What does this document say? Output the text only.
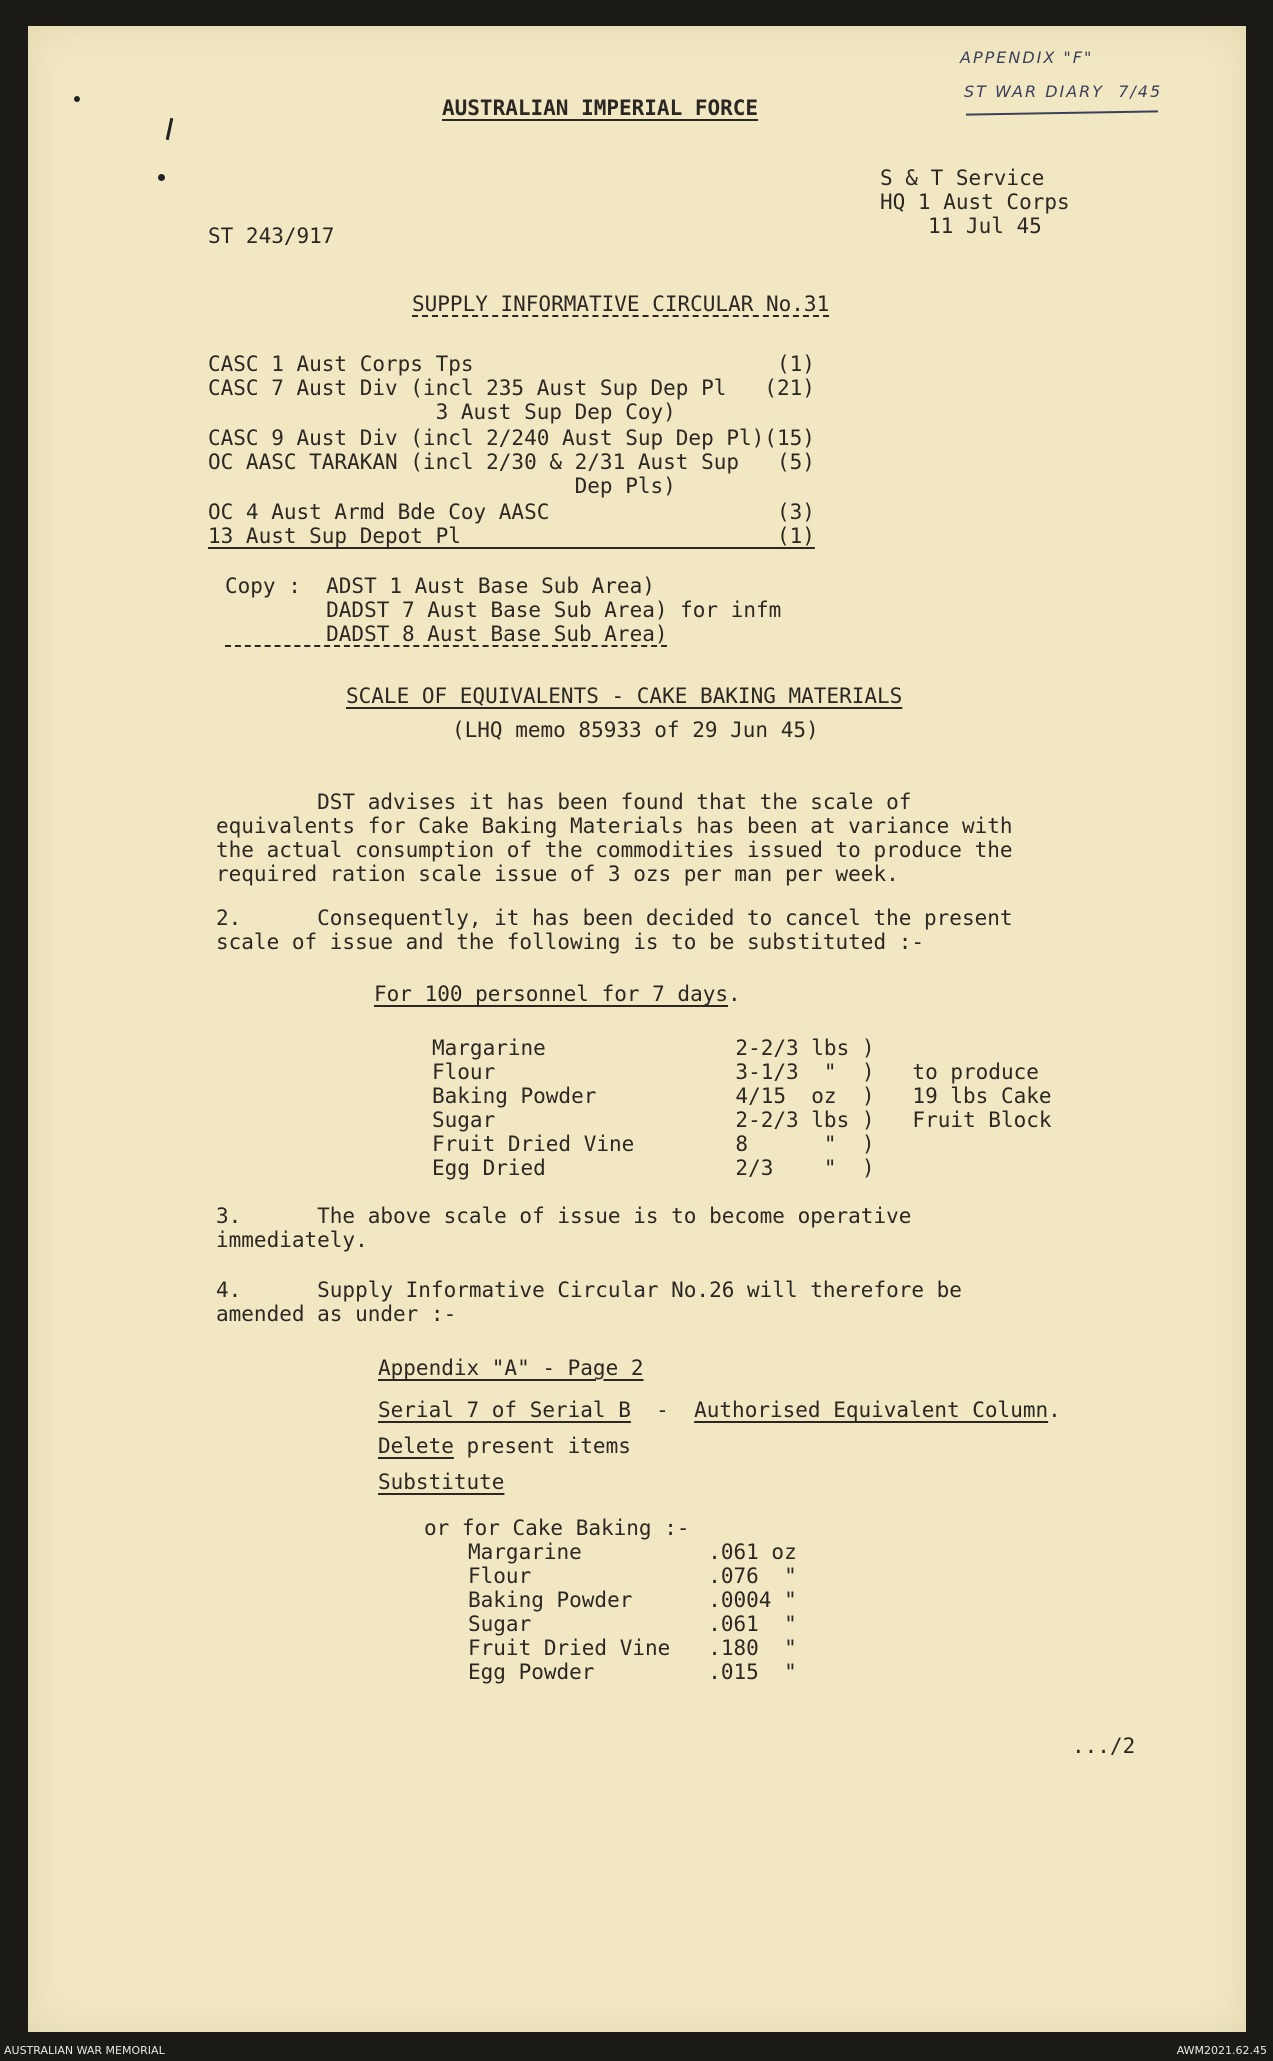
APPENDIX "F"

ST WAR DIARY  7/45

AUSTRALIAN IMPERIAL FORCE

S & T Service

HQ 1 Aust Corps

11 Jul 45

ST 243/917

SUPPLY INFORMATIVE CIRCULAR No.31

CASC 1 Aust Corps Tps                        (1)

CASC 7 Aust Div (incl 235 Aust Sup Dep Pl   (21)

3 Aust Sup Dep Coy)

CASC 9 Aust Div (incl 2/240 Aust Sup Dep Pl)(15)

OC AASC TARAKAN (incl 2/30 & 2/31 Aust Sup   (5)

Dep Pls)

OC 4 Aust Armd Bde Coy AASC                  (3)

13 Aust Sup Depot Pl                         (1)

Copy :  ADST 1 Aust Base Sub Area)

DADST 7 Aust Base Sub Area) for infm

DADST 8 Aust Base Sub Area)

SCALE OF EQUIVALENTS - CAKE BAKING MATERIALS

(LHQ memo 85933 of 29 Jun 45)

DST advises it has been found that the scale of

equivalents for Cake Baking Materials has been at variance with

the actual consumption of the commodities issued to produce the

required ration scale issue of 3 ozs per man per week.

2.      Consequently, it has been decided to cancel the present

scale of issue and the following is to be substituted :-

For 100 personnel for 7 days.

Margarine               2-2/3 lbs )

Flour                   3-1/3  "  )   to produce

Baking Powder           4/15  oz  )   19 lbs Cake

Sugar                   2-2/3 lbs )   Fruit Block

Fruit Dried Vine        8      "  )

Egg Dried               2/3    "  )

3.      The above scale of issue is to become operative

immediately.

4.      Supply Informative Circular No.26 will therefore be

amended as under :-

Appendix "A" - Page 2

Serial 7 of Serial B - Authorised Equivalent Column.

Delete present items

Substitute

or for Cake Baking :-

Margarine          .061 oz

Flour              .076  "

Baking Powder      .0004 "

Sugar              .061  "

Fruit Dried Vine   .180  "

Egg Powder         .015  "

.../2

AUSTRALIAN WAR MEMORIAL	AWM2021.62.45
